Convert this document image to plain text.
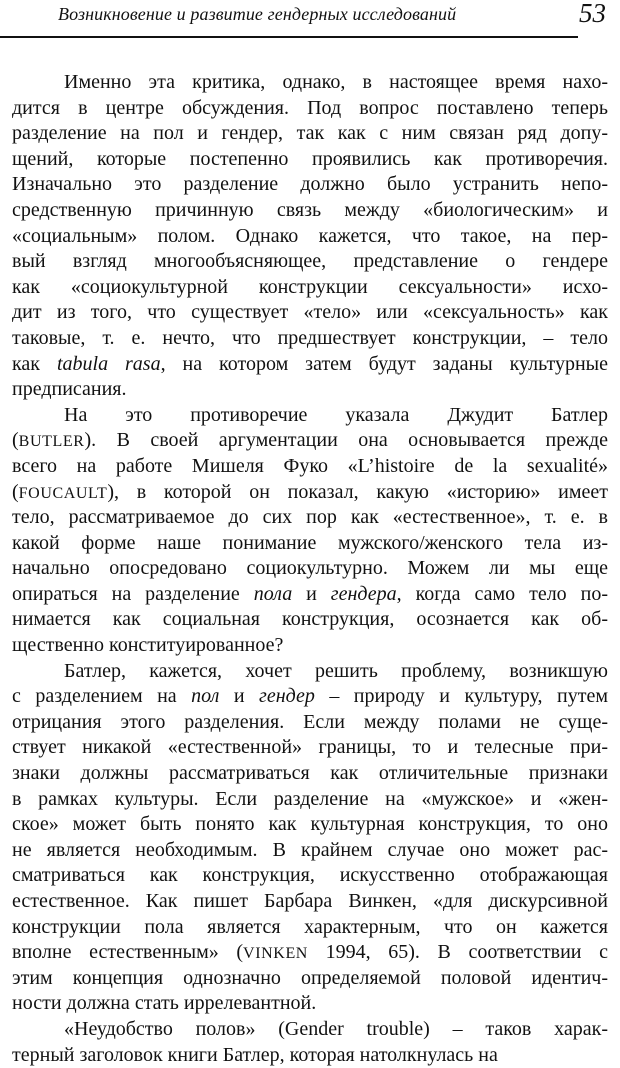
Возникновение и развитие гендерных исследований	53
Именно эта критика, однако, в настоящее время нахо-
дится в центре обсуждения. Под вопрос поставлено теперь
разделение на пол и гендер, так как с ним связан ряд допу-
щений, которые постепенно проявились как противоречия.
Изначально это разделение должно было устранить непо-
средственную причинную связь между «биологическим» и
«социальным» полом. Однако кажется, что такое, на пер-
вый взгляд многообъясняющее, представление о гендере
как «социокультурной конструкции сексуальности» исхо-
дит из того, что существует «тело» или «сексуальность» как
таковые, т. е. нечто, что предшествует конструкции, – тело
как tabula rasa, на котором затем будут заданы культурные
предписания.
На это противоречие указала Джудит Батлер
(BUTLER). В своей аргументации она основывается прежде
всего на работе Мишеля Фуко «L’histoire de la sexualité»
(FOUCAULT), в которой он показал, какую «историю» имеет
тело, рассматриваемое до сих пор как «естественное», т. е. в
какой форме наше понимание мужского/женского тела из-
начально опосредовано социокультурно. Можем ли мы еще
опираться на разделение пола и гендера, когда само тело по-
нимается как социальная конструкция, осознается как об-
щественно конституированное?
Батлер, кажется, хочет решить проблему, возникшую
с разделением на пол и гендер – природу и культуру, путем
отрицания этого разделения. Если между полами не суще-
ствует никакой «естественной» границы, то и телесные при-
знаки должны рассматриваться как отличительные признаки
в рамках культуры. Если разделение на «мужское» и «жен-
ское» может быть понято как культурная конструкция, то оно
не является необходимым. В крайнем случае оно может рас-
сматриваться как конструкция, искусственно отображающая
естественное. Как пишет Барбара Винкен, «для дискурсивной
конструкции пола является характерным, что он кажется
вполне естественным» (VINKEN 1994, 65). В соответствии с
этим концепция однозначно определяемой половой идентич-
ности должна стать иррелевантной.
«Неудобство полов» (Gender trouble) – таков харак-
терный заголовок книги Батлер, которая натолкнулась на
